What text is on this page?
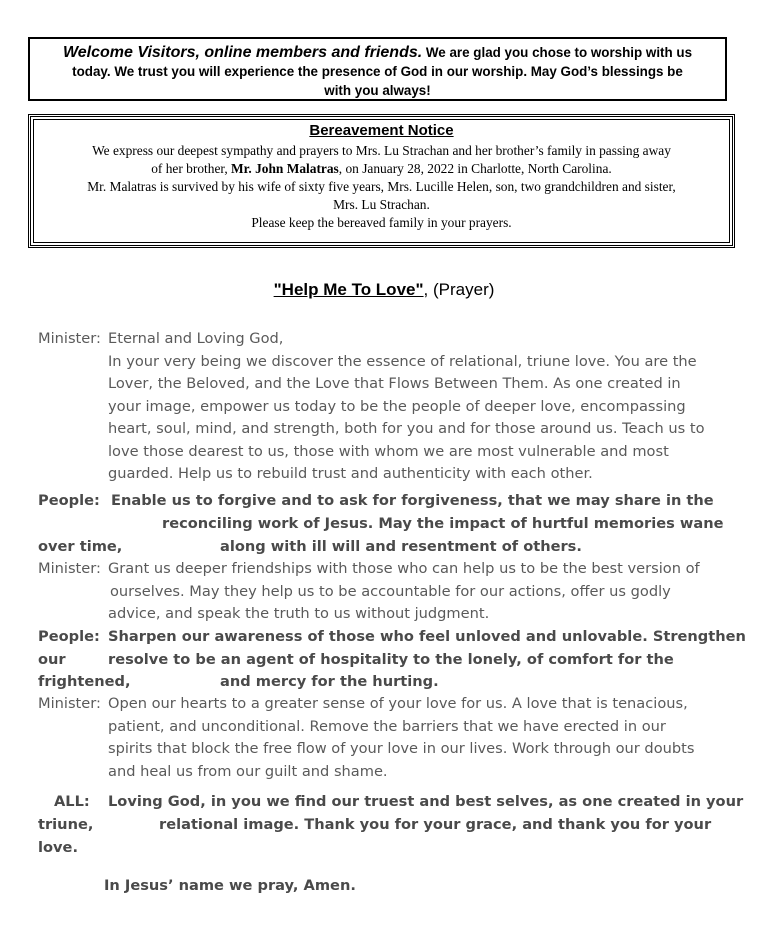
Welcome Visitors, online members and friends. We are glad you chose to worship with us
today. We trust you will experience the presence of God in our worship. May God’s blessings be
with you always!
Bereavement Notice
We express our deepest sympathy and prayers to Mrs. Lu Strachan and her brother’s family in passing away
of her brother, Mr. John Malatras, on January 28, 2022 in Charlotte, North Carolina.
Mr. Malatras is survived by his wife of sixty five years, Mrs. Lucille Helen, son, two grandchildren and sister,
Mrs. Lu Strachan.
Please keep the bereaved family in your prayers.
"Help Me To Love", (Prayer)
Minister: Eternal and Loving God,
In your very being we discover the essence of relational, triune love. You are the
Lover, the Beloved, and the Love that Flows Between Them. As one created in
your image, empower us today to be the people of deeper love, encompassing
heart, soul, mind, and strength, both for you and for those around us. Teach us to
love those dearest to us, those with whom we are most vulnerable and most
guarded. Help us to rebuild trust and authenticity with each other.
People: Enable us to forgive and to ask for forgiveness, that we may share in the
reconciling work of Jesus. May the impact of hurtful memories wane
over time,	along with ill will and resentment of others.
Minister: Grant us deeper friendships with those who can help us to be the best version of
ourselves. May they help us to be accountable for our actions, offer us godly
advice, and speak the truth to us without judgment.
People: Sharpen our awareness of those who feel unloved and unlovable. Strengthen
our	resolve to be an agent of hospitality to the lonely, of comfort for the
frightened,	and mercy for the hurting.
Minister: Open our hearts to a greater sense of your love for us. A love that is tenacious,
patient, and unconditional. Remove the barriers that we have erected in our
spirits that block the free flow of your love in our lives. Work through our doubts
and heal us from our guilt and shame.
ALL: Loving God, in you we find our truest and best selves, as one created in your
triune,	relational image. Thank you for your grace, and thank you for your
love.
In Jesus’ name we pray, Amen.
